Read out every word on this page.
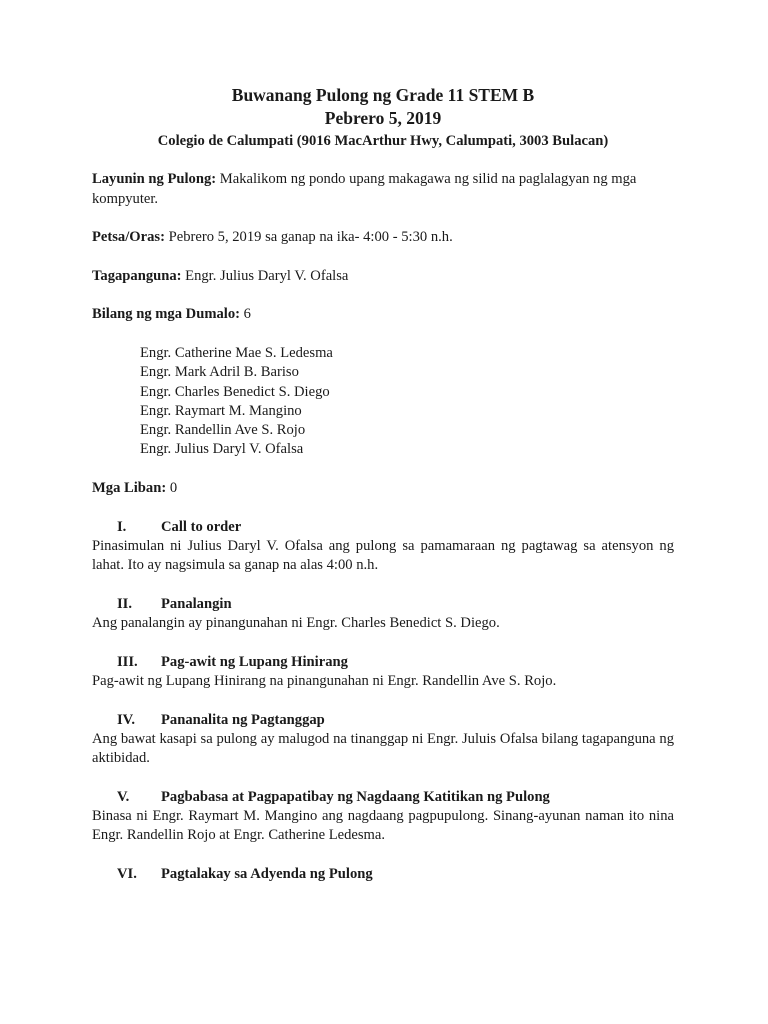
Buwanang Pulong ng Grade 11 STEM B

Pebrero 5, 2019

Colegio de Calumpati (9016 MacArthur Hwy, Calumpati, 3003 Bulacan)

Layunin ng Pulong: Makalikom ng pondo upang makagawa ng silid na paglalagyan ng mga kompyuter.

Petsa/Oras: Pebrero 5, 2019 sa ganap na ika- 4:00 - 5:30 n.h.

Tagapanguna: Engr. Julius Daryl V. Ofalsa

Bilang ng mga Dumalo: 6

Engr. Catherine Mae S. Ledesma
Engr. Mark Adril B. Bariso
Engr. Charles Benedict S. Diego
Engr. Raymart M. Mangino
Engr. Randellin Ave S. Rojo
Engr. Julius Daryl V. Ofalsa

Mga Liban: 0

I.	Call to order

Pinasimulan ni Julius Daryl V. Ofalsa ang pulong sa pamamaraan ng pagtawag sa atensyon ng lahat. Ito ay nagsimula sa ganap na alas 4:00 n.h.

II.	Panalangin

Ang panalangin ay pinangunahan ni Engr. Charles Benedict S. Diego.

III.	Pag-awit ng Lupang Hinirang

Pag-awit ng Lupang Hinirang na pinangunahan ni Engr. Randellin Ave S. Rojo.

IV.	Pananalita ng Pagtanggap

Ang bawat kasapi sa pulong ay malugod na tinanggap ni Engr. Juluis Ofalsa bilang tagapanguna ng aktibidad.

V.	Pagbabasa at Pagpapatibay ng Nagdaang Katitikan ng Pulong

Binasa ni Engr. Raymart M. Mangino ang nagdaang pagpupulong. Sinang-ayunan naman ito nina Engr. Randellin Rojo at Engr. Catherine Ledesma.

VI.	Pagtalakay sa Adyenda ng Pulong
